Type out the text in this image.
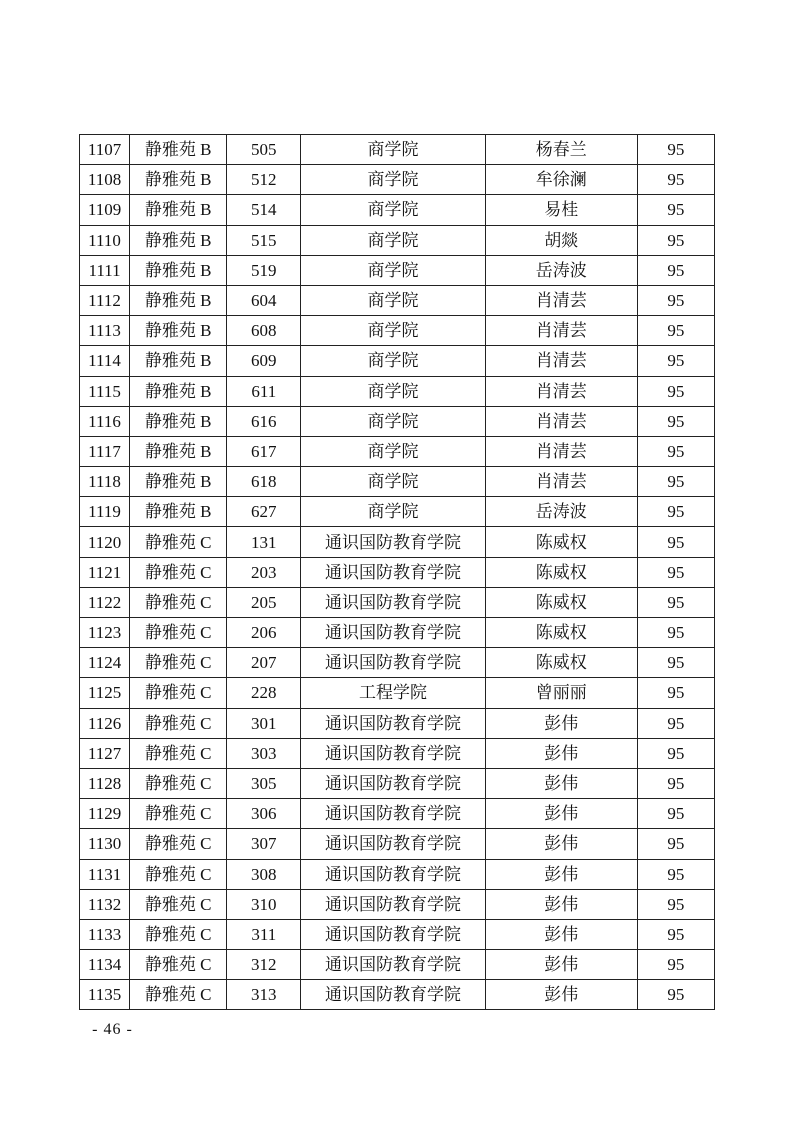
1107	静雅苑 B	505	商学院	杨春兰	95
1108	静雅苑 B	512	商学院	牟徐澜	95
1109	静雅苑 B	514	商学院	易桂	95
1110	静雅苑 B	515	商学院	胡燚	95
1111	静雅苑 B	519	商学院	岳涛波	95
1112	静雅苑 B	604	商学院	肖清芸	95
1113	静雅苑 B	608	商学院	肖清芸	95
1114	静雅苑 B	609	商学院	肖清芸	95
1115	静雅苑 B	611	商学院	肖清芸	95
1116	静雅苑 B	616	商学院	肖清芸	95
1117	静雅苑 B	617	商学院	肖清芸	95
1118	静雅苑 B	618	商学院	肖清芸	95
1119	静雅苑 B	627	商学院	岳涛波	95
1120	静雅苑 C	131	通识国防教育学院	陈威权	95
1121	静雅苑 C	203	通识国防教育学院	陈威权	95
1122	静雅苑 C	205	通识国防教育学院	陈威权	95
1123	静雅苑 C	206	通识国防教育学院	陈威权	95
1124	静雅苑 C	207	通识国防教育学院	陈威权	95
1125	静雅苑 C	228	工程学院	曾丽丽	95
1126	静雅苑 C	301	通识国防教育学院	彭伟	95
1127	静雅苑 C	303	通识国防教育学院	彭伟	95
1128	静雅苑 C	305	通识国防教育学院	彭伟	95
1129	静雅苑 C	306	通识国防教育学院	彭伟	95
1130	静雅苑 C	307	通识国防教育学院	彭伟	95
1131	静雅苑 C	308	通识国防教育学院	彭伟	95
1132	静雅苑 C	310	通识国防教育学院	彭伟	95
1133	静雅苑 C	311	通识国防教育学院	彭伟	95
1134	静雅苑 C	312	通识国防教育学院	彭伟	95
1135	静雅苑 C	313	通识国防教育学院	彭伟	95
- 46 -
